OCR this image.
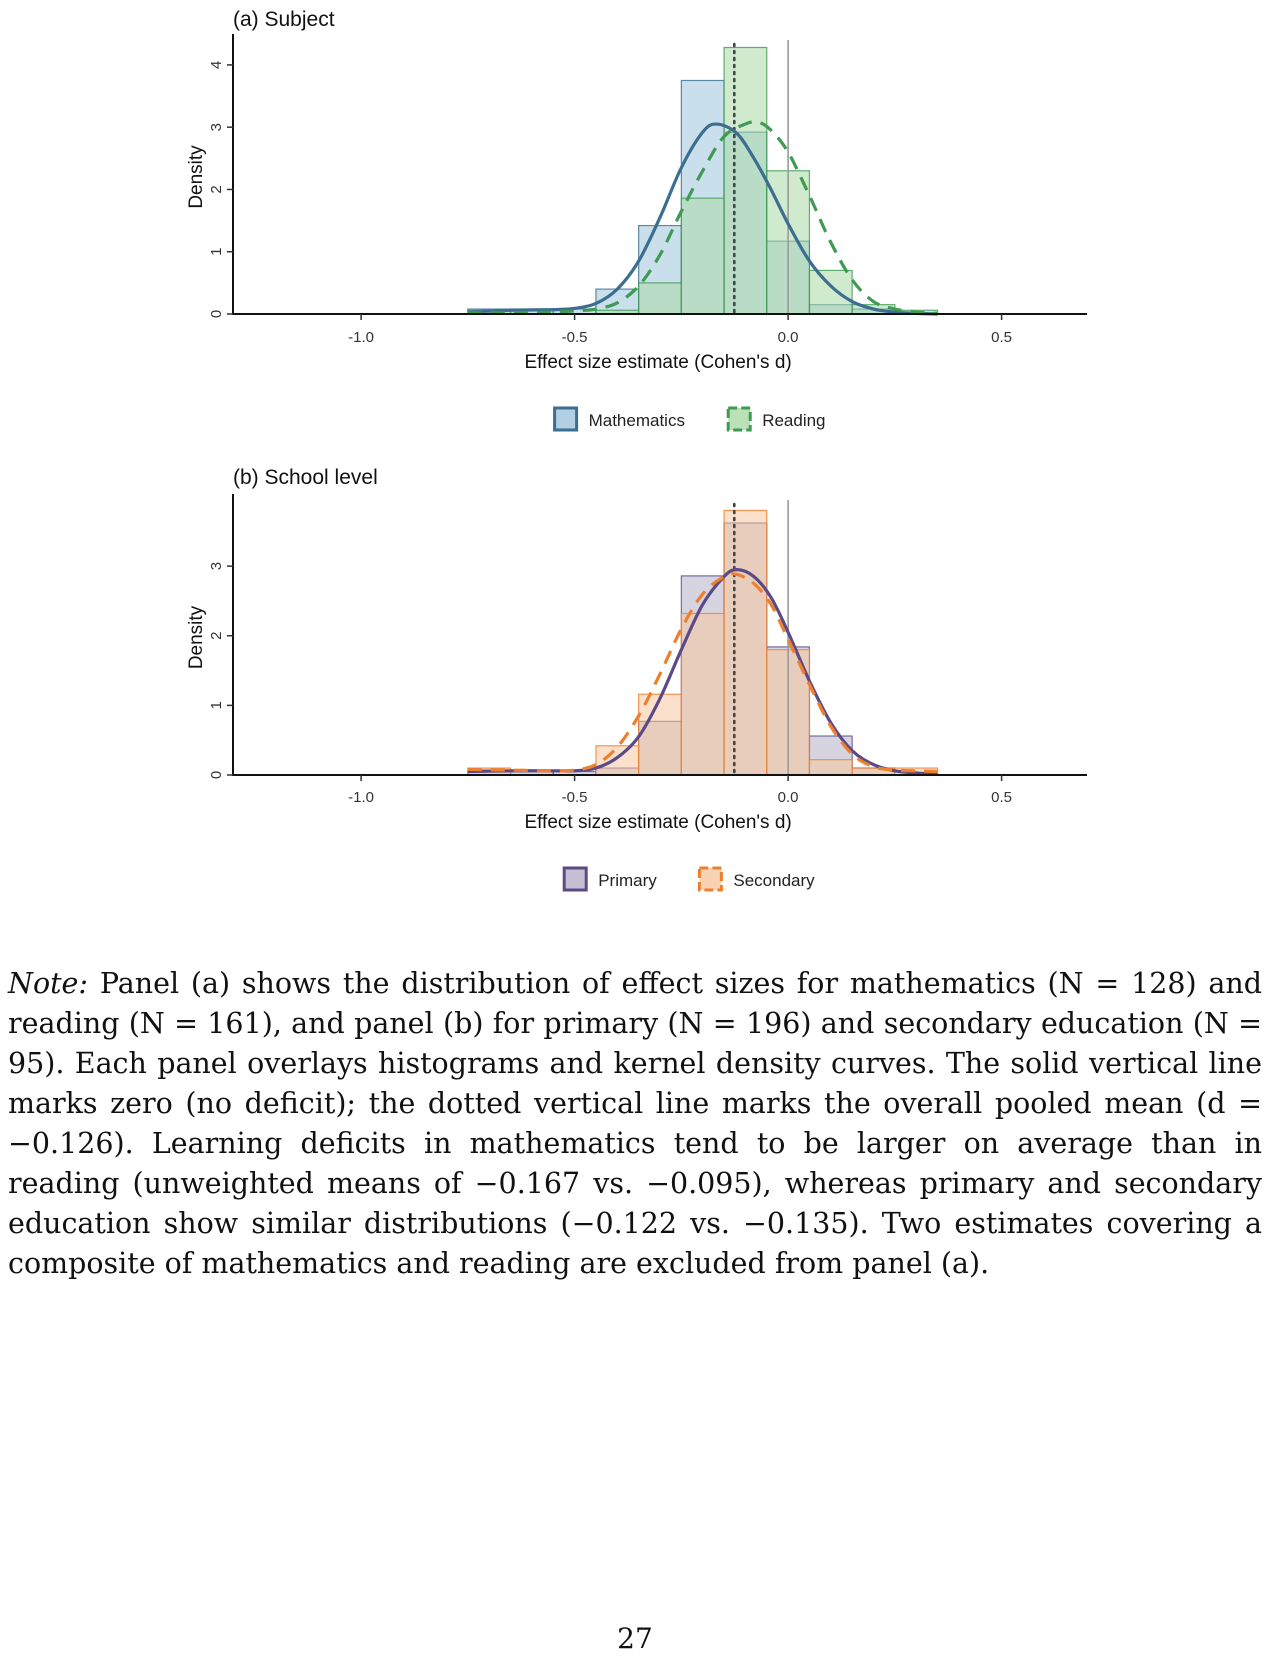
(a) Subject
0
1
2
3
4
Density
-1.0	-0.5	0.0	0.5
Effect size estimate (Cohen's d)
Mathematics	Reading
(b) School level
0
1
2
3
Density
-1.0	-0.5	0.0	0.5
Effect size estimate (Cohen's d)
Primary	Secondary

Note: Panel (a) shows the distribution of effect sizes for mathematics (N = 128) and reading (N = 161), and panel (b) for primary (N = 196) and secondary education (N = 95). Each panel overlays histograms and kernel density curves. The solid vertical line marks zero (no deficit); the dotted vertical line marks the overall pooled mean (d = −0.126). Learning deficits in mathematics tend to be larger on average than in reading (unweighted means of −0.167 vs. −0.095), whereas primary and secondary education show similar distributions (−0.122 vs. −0.135). Two estimates covering a composite of mathematics and reading are excluded from panel (a).

27
